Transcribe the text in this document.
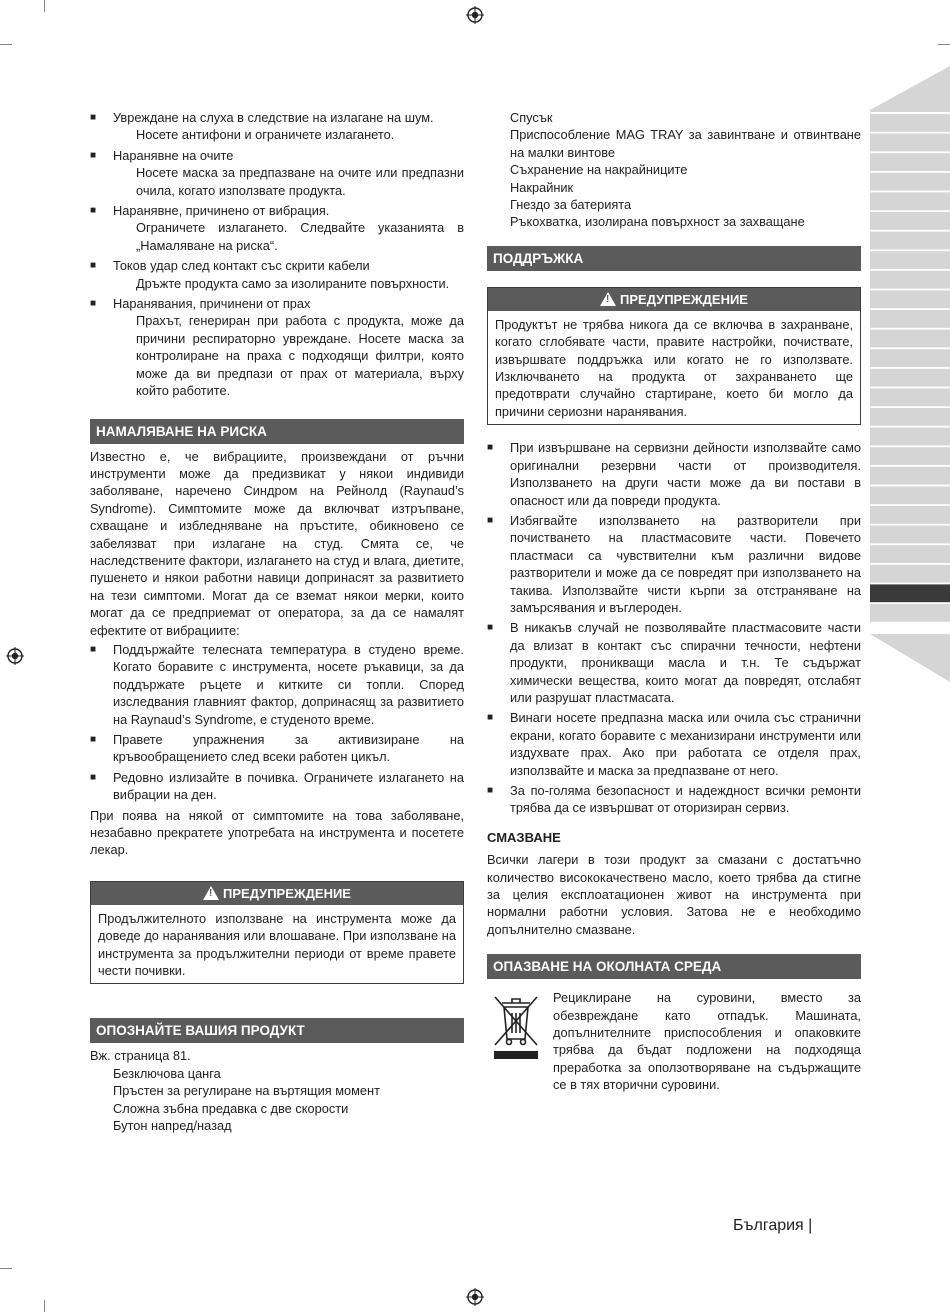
■	Увреждане на слуха в следствие на излагане на шум.

Носете антифони и ограничете излагането.

■	Наранявне на очите

Носете маска за предпазване на очите или предпазни очила, когато използвате продукта.

■	Наранявне, причинено от вибрация.

Ограничете излагането. Следвайте указанията в „Намаляване на риска“.

■	Токов удар след контакт със скрити кабели

Дръжте продукта само за изолираните повърхности.

■	Наранявания, причинени от прах

Прахът, генериран при работа с продукта, може да причини респираторно увреждане. Носете маска за контролиране на праха с подходящи филтри, която може да ви предпази от прах от материала, върху който работите.

НАМАЛЯВАНЕ НА РИСКА

Известно е, че вибрациите, произвеждани от ръчни инструменти може да предизвикат у някои индивиди заболяване, наречено Синдром на Рейнолд (Raynaud’s Syndrome). Симптомите може да включват изтръпване, схващане и избледняване на пръстите, обикновено се забелязват при излагане на студ. Смята се, че наследствените фактори, излагането на студ и влага, диетите, пушенето и някои работни навици допринасят за развитието на тези симптоми. Могат да се вземат някои мерки, които могат да се предприемат от оператора, за да се намалят ефектите от вибрациите:

■	Поддържайте телесната температура в студено време. Когато боравите с инструмента, носете ръкавици, за да поддържате ръцете и китките си топли. Според изследвания главният фактор, допринасящ за развитието на Raynaud’s Syndrome, е студеното време.

■	Правете упражнения за активизиране на кръвообращението след всеки работен цикъл.

■	Редовно излизайте в почивка. Ограничете излагането на вибрации на ден.

При поява на някой от симптомите на това заболяване, незабавно прекратете употребата на инструмента и посетете лекар.

! ПРЕДУПРЕЖДЕНИЕ

Продължителното използване на инструмента може да доведе до наранявания или влошаване. При използване на инструмента за продължителни периоди от време правете чести почивки.

ОПОЗНАЙТЕ ВАШИЯ ПРОДУКТ

Вж. страница 81.

Безключова цанга

Пръстен за регулиране на въртящия момент

Сложна зъбна предавка с две скорости

Бутон напред/назад

Спусък

Приспособление MAG TRAY за завинтване и отвинтване на малки винтове

Съхранение на накрайниците

Накрайник

Гнездо за батерията

Ръкохватка, изолирана повърхност за захващане

ПОДДРЪЖКА
! ПРЕДУПРЕЖДЕНИЕ

Продуктът не трябва никога да се включва в захранване, когато сглобявате части, правите настройки, почиствате, извършвате поддръжка или когато не го използвате. Изключването на продукта от захранването ще предотврати случайно стартиране, което би могло да причини сериозни наранявания.

■	При извършване на сервизни дейности използвайте само оригинални резервни части от производителя. Използването на други части може да ви постави в опасност или да повреди продукта.

■	Избягвайте използването на разтворители при почистването на пластмасовите части. Повечето пластмаси са чувствителни към различни видове разтворители и може да се повредят при използването на такива. Използвайте чисти кърпи за отстраняване на замърсявания и въглероден.

■	В никакъв случай не позволявайте пластмасовите части да влизат в контакт със спирачни течности, нефтени продукти, проникващи масла и т.н. Те съдържат химически вещества, които могат да повредят, отслабят или разрушат пластмасата.

■	Винаги носете предпазна маска или очила със странични екрани, когато боравите с механизирани инструменти или издухвате прах. Ако при работата се отделя прах, използвайте и маска за предпазване от него.

■	За по-голяма безопасност и надеждност всички ремонти трябва да се извършват от оторизиран сервиз.

СМАЗВАНЕ

Всички лагери в този продукт за смазани с достатъчно количество висококачествено масло, което трябва да стигне за целия експлоатационен живот на инструмента при нормални работни условия. Затова не е необходимо допълнително смазване.

ОПАЗВАНЕ НА ОКОЛНАТА СРЕДА

Рециклиране на суровини, вместо за обезвреждане като отпадък. Машината, допълнителните приспособления и опаковките трябва да бъдат подложени на подходяща преработка за оползотворяване на съдържащите се в тях вторични суровини.

България |
